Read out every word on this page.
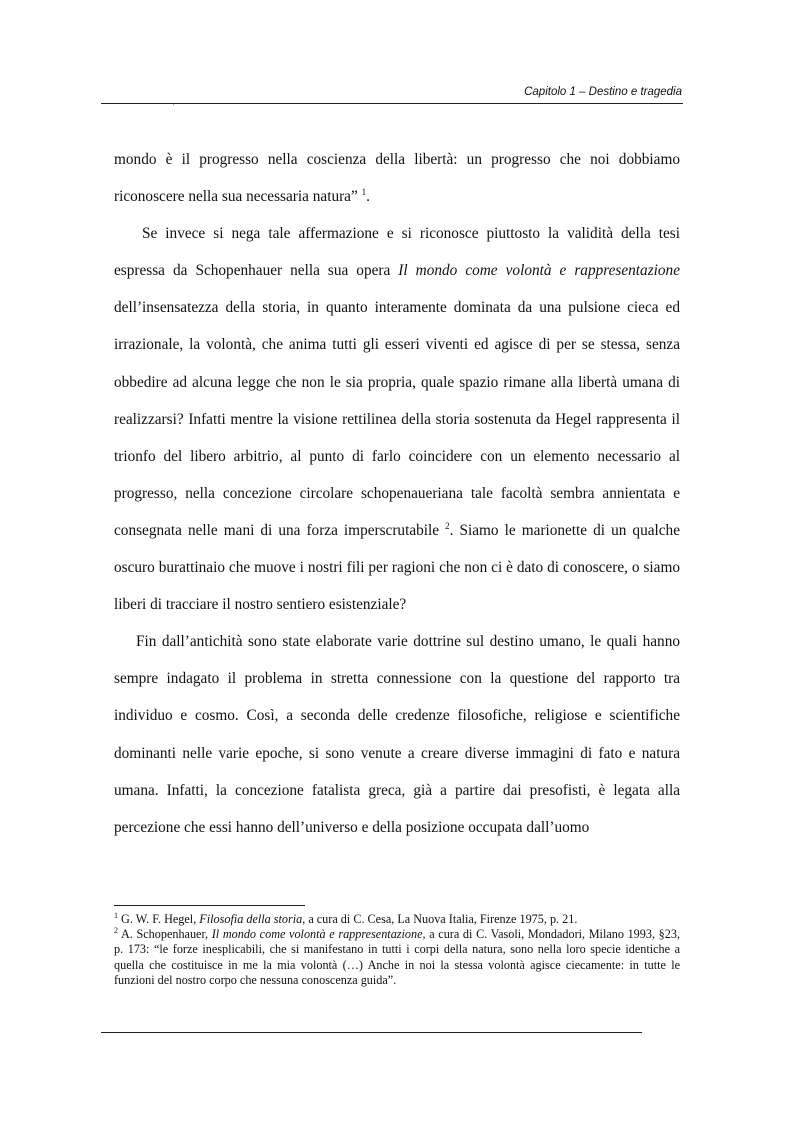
Capitolo 1 – Destino e tragedia
'

mondo è il progresso nella coscienza della libertà: un progresso che noi dobbiamo riconoscere nella sua necessaria natura” $^1$.

Se invece si nega tale affermazione e si riconosce piuttosto la validità della tesi espressa da Schopenhauer nella sua opera Il mondo come volontà e rappresentazione dell’insensatezza della storia, in quanto interamente dominata da una pulsione cieca ed irrazionale, la volontà, che anima tutti gli esseri viventi ed agisce di per se stessa, senza obbedire ad alcuna legge che non le sia propria, quale spazio rimane alla libertà umana di realizzarsi? Infatti mentre la visione rettilinea della storia sostenuta da Hegel rappresenta il trionfo del libero arbitrio, al punto di farlo coincidere con un elemento necessario al progresso, nella concezione circolare schopenaueriana tale facoltà sembra annientata e consegnata nelle mani di una forza imperscrutabile $^2$. Siamo le marionette di un qualche oscuro burattinaio che muove i nostri fili per ragioni che non ci è dato di conoscere, o siamo liberi di tracciare il nostro sentiero esistenziale?

Fin dall’antichità sono state elaborate varie dottrine sul destino umano, le quali hanno sempre indagato il problema in stretta connessione con la questione del rapporto tra individuo e cosmo. Così, a seconda delle credenze filosofiche, religiose e scientifiche dominanti nelle varie epoche, si sono venute a creare diverse immagini di fato e natura umana. Infatti, la concezione fatalista greca, già a partire dai presofisti, è legata alla percezione che essi hanno dell’universo e della posizione occupata dall’uomo

$^1$ G. W. F. Hegel, Filosofia della storia, a cura di C. Cesa, La Nuova Italia, Firenze 1975, p. 21.

$^2$ A. Schopenhauer, Il mondo come volontà e rappresentazione, a cura di C. Vasoli, Mondadori, Milano 1993, §23, p. 173: “le forze inesplicabili, che si manifestano in tutti i corpi della natura, sono nella loro specie identiche a quella che costituisce in me la mia volontà (…) Anche in noi la stessa volontà agisce ciecamente: in tutte le funzioni del nostro corpo che nessuna conoscenza guida”.
